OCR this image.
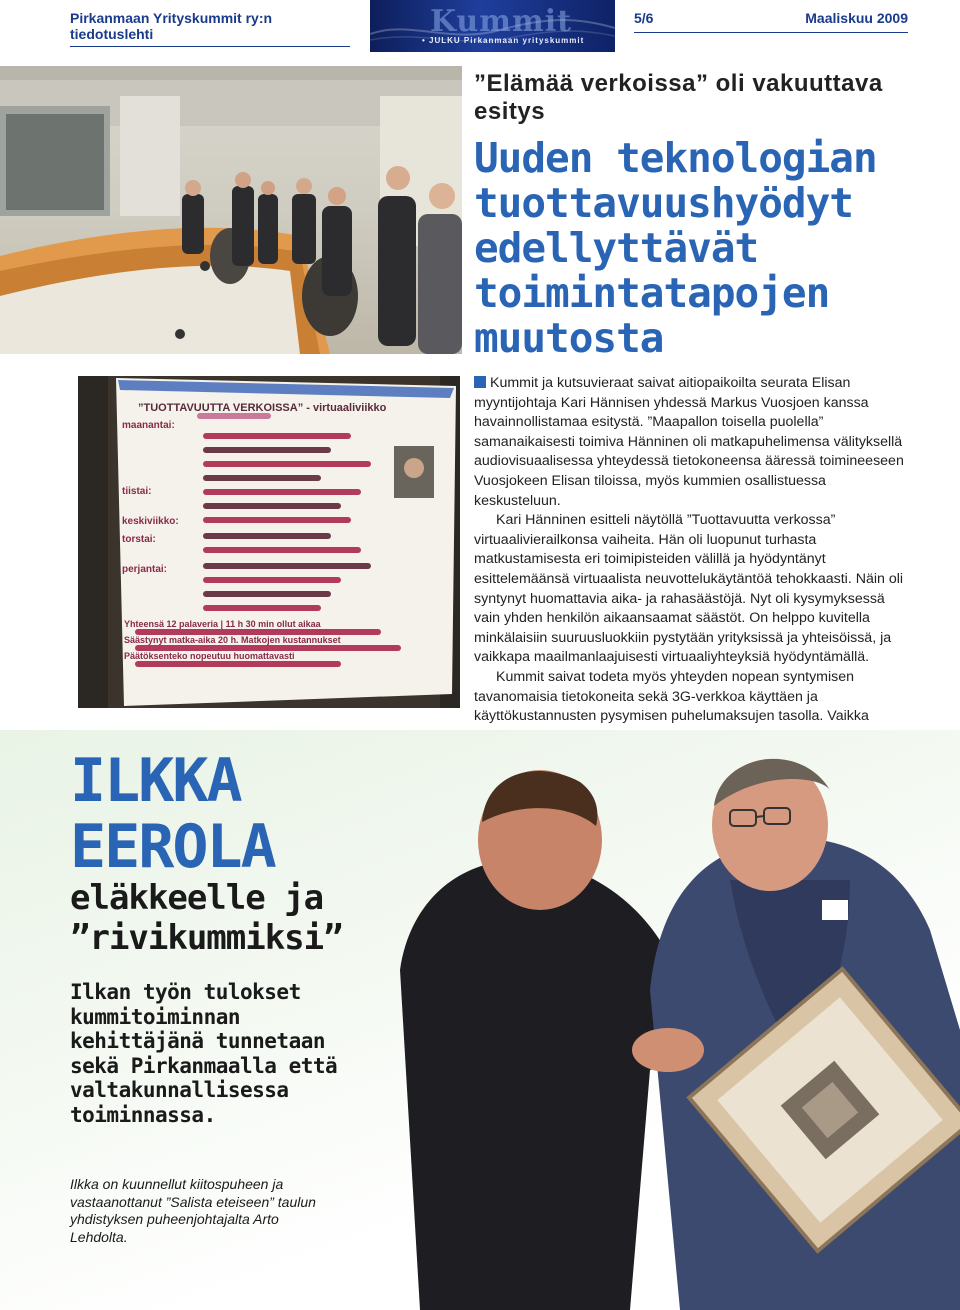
Pirkanmaan Yrityskummit ry:n tiedotuslehti	Kummit
• JULKU Pirkanmaan yrityskummit
5/6	Maaliskuu 2009
”Elämää verkoissa” oli vakuuttava esitys
Uuden teknologian
tuottavuushyödyt
edellyttävät
toimintatapojen
muutosta
”TUOTTAVUUTTA VERKOISSA” - virtuaaliviikko
maanantai:
tiistai:
keskiviikko:
torstai:
perjantai:
Yhteensä 12 palaveria | 11 h 30 min ollut aikaa
Säästynyt matka-aika 20 h. Matkojen kustannukset
Päätöksenteko nopeutuu huomattavasti

Kummit ja kutsuvieraat saivat aitiopaikoilta seurata Elisan myyntijohtaja Kari Hännisen yhdessä Markus Vuosjoen kanssa havainnollistamaa esitystä. ”Maapallon toisella puolella” samanaikaisesti toimiva Hänninen oli matkapuhelimensa välityksellä audiovisuaalisessa yhteydessä tietokoneensa ääressä toimineeseen Vuosjokeen Elisan tiloissa, myös kummien osallistuessa keskusteluun.

Kari Hänninen esitteli näytöllä ”Tuottavuutta verkossa” virtuaalivierailkonsa vaiheita. Hän oli luopunut turhasta matkustamisesta eri toimipisteiden välillä ja hyödyntänyt esittelemäänsä virtuaalista neuvottelukäytäntöä tehokkaasti. Näin oli syntynyt huomattavia aika- ja rahasäästöjä. Nyt oli kysymyksessä vain yhden henkilön aikaansaamat säästöt. On helppo kuvitella minkälaisiin suuruusluokkiin pystytään yrityksissä ja yhteisöissä, ja vaikkapa maailmanlaajuisesti virtuaaliyhteyksiä hyödyntämällä.

Kummit saivat todeta myös yhteyden nopean syntymisen tavanomaisia tietokoneita sekä 3G-verkkoa käyttäen ja käyttökustannusten pysymisen puhelumaksujen tasolla. Vaikka

ILKKA
EEROLA
eläkkeelle ja
”rivikummiksi”
Ilkan työn tulokset kummitoiminnan kehittäjänä tunnetaan sekä Pirkanmaalla että valtakunnallisessa toiminnassa.
Ilkka on kuunnellut kiitospuheen ja vastaanottanut ”Salista eteiseen” taulun yhdistyksen puheenjohtajalta Arto Lehdolta.
